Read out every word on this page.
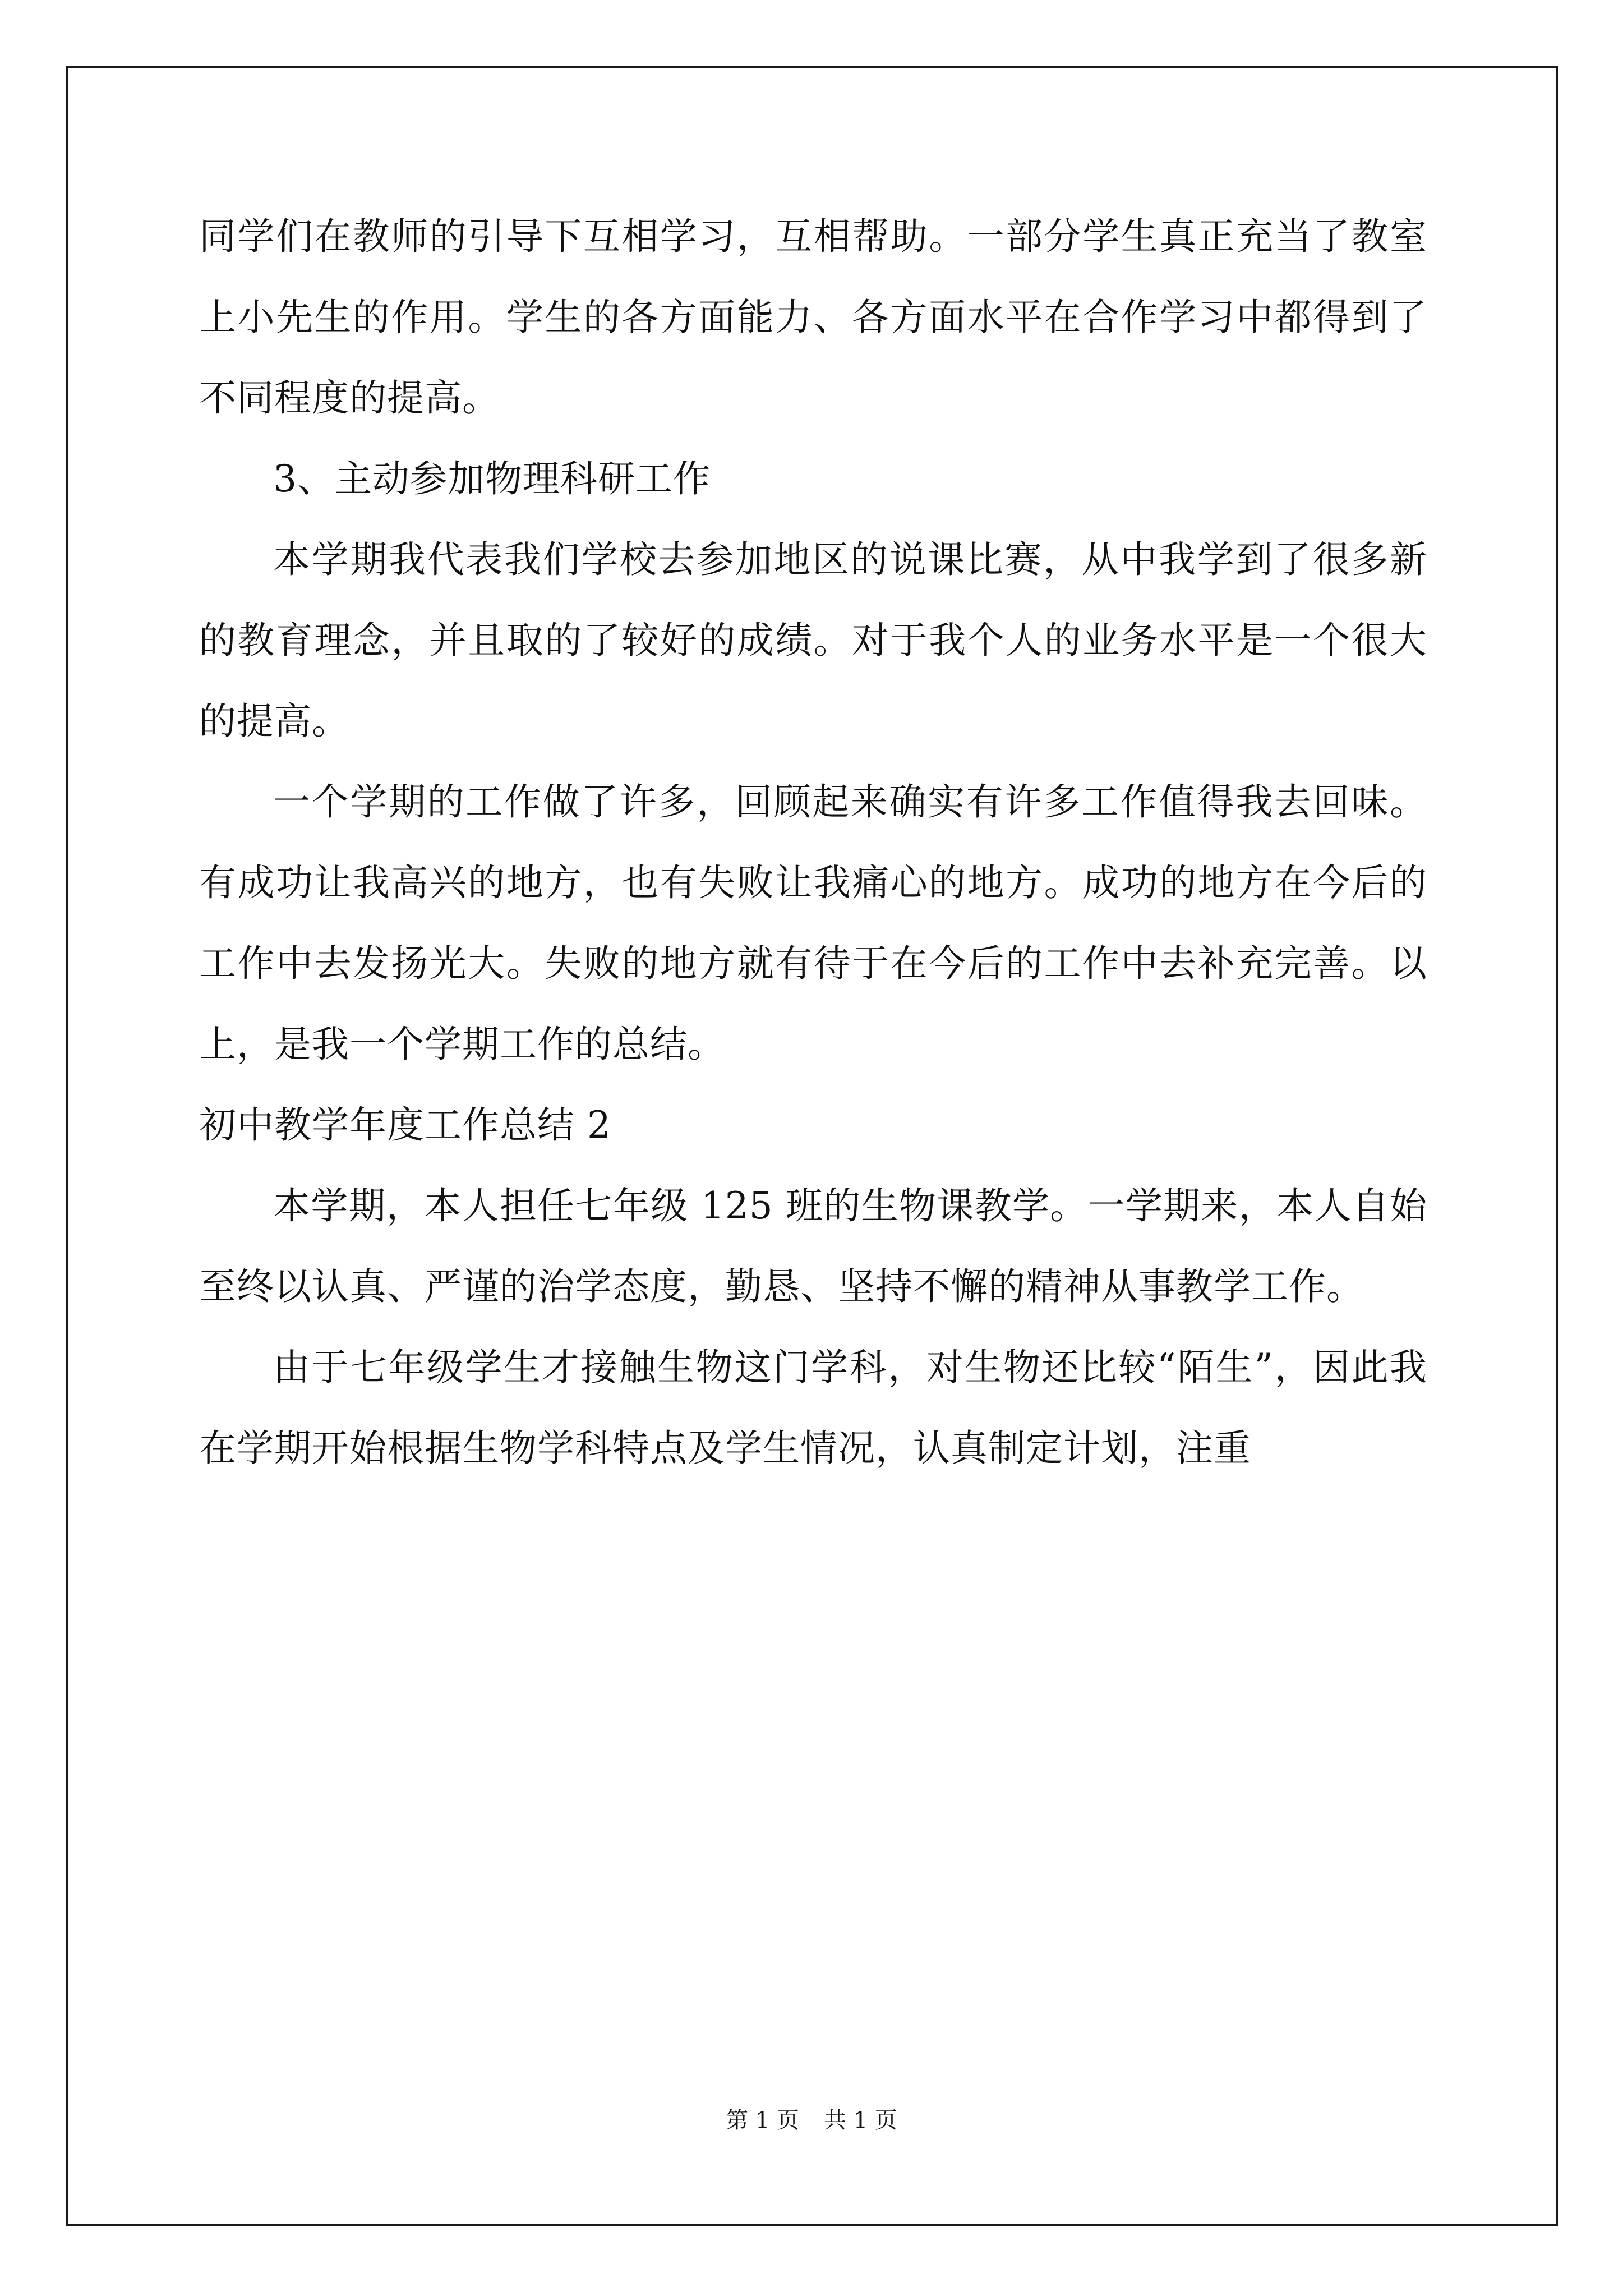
同学们在教师的引导下互相学习，互相帮助。一部分学生真正充当了教室上小先生的作用。学生的各方面能力、各方面水平在合作学习中都得到了不同程度的提高。

3、主动参加物理科研工作

本学期我代表我们学校去参加地区的说课比赛，从中我学到了很多新的教育理念，并且取的了较好的成绩。对于我个人的业务水平是一个很大的提高。

一个学期的工作做了许多，回顾起来确实有许多工作值得我去回味。有成功让我高兴的地方，也有失败让我痛心的地方。成功的地方在今后的工作中去发扬光大。失败的地方就有待于在今后的工作中去补充完善。以上，是我一个学期工作的总结。

初中教学年度工作总结 2

本学期，本人担任七年级 125 班的生物课教学。一学期来，本人自始至终以认真、严谨的治学态度，勤恳、坚持不懈的精神从事教学工作。

由于七年级学生才接触生物这门学科，对生物还比较“陌生”，因此我在学期开始根据生物学科特点及学生情况，认真制定计划，注重

第 1 页 共 1 页
